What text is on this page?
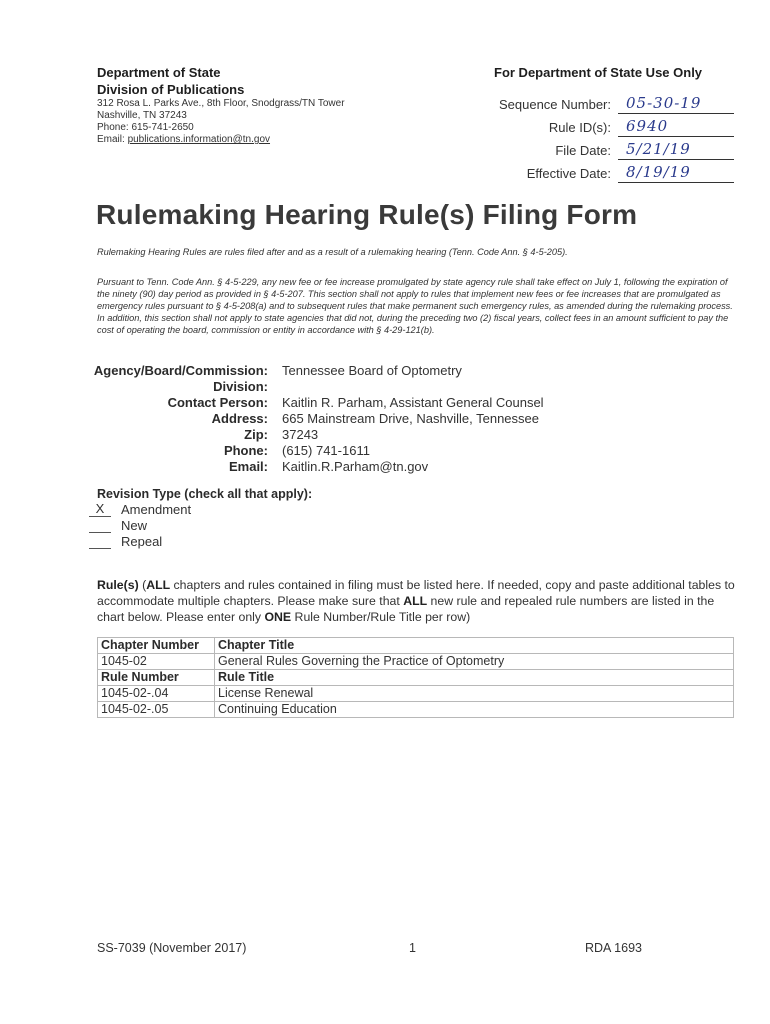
Department of State
Division of Publications
312 Rosa L. Parks Ave., 8th Floor, Snodgrass/TN Tower
Nashville, TN 37243
Phone: 615-741-2650
Email: publications.information@tn.gov
For Department of State Use Only
Sequence Number:	05-30-19
Rule ID(s):	6940
File Date:	5/21/19
Effective Date:	8/19/19
Rulemaking Hearing Rule(s) Filing Form
Rulemaking Hearing Rules are rules filed after and as a result of a rulemaking hearing (Tenn. Code Ann. § 4-5-205).
Pursuant to Tenn. Code Ann. § 4-5-229, any new fee or fee increase promulgated by state agency rule shall take effect on July 1, following the expiration of the ninety (90) day period as provided in § 4-5-207. This section shall not apply to rules that implement new fees or fee increases that are promulgated as emergency rules pursuant to § 4-5-208(a) and to subsequent rules that make permanent such emergency rules, as amended during the rulemaking process. In addition, this section shall not apply to state agencies that did not, during the preceding two (2) fiscal years, collect fees in an amount sufficient to pay the cost of operating the board, commission or entity in accordance with § 4-29-121(b).
Agency/Board/Commission: Tennessee Board of Optometry
Division:
Contact Person: Kaitlin R. Parham, Assistant General Counsel
Address: 665 Mainstream Drive, Nashville, Tennessee
Zip: 37243
Phone: (615) 741-1611
Email: Kaitlin.R.Parham@tn.gov
Revision Type (check all that apply):
X	Amendment
New
Repeal
Rule(s) (ALL chapters and rules contained in filing must be listed here. If needed, copy and paste additional tables to accommodate multiple chapters. Please make sure that ALL new rule and repealed rule numbers are listed in the chart below. Please enter only ONE Rule Number/Rule Title per row)
Chapter Number	Chapter Title
1045-02	General Rules Governing the Practice of Optometry
Rule Number	Rule Title
1045-02-.04	License Renewal
1045-02-.05	Continuing Education
SS-7039 (November 2017)	1	RDA 1693
